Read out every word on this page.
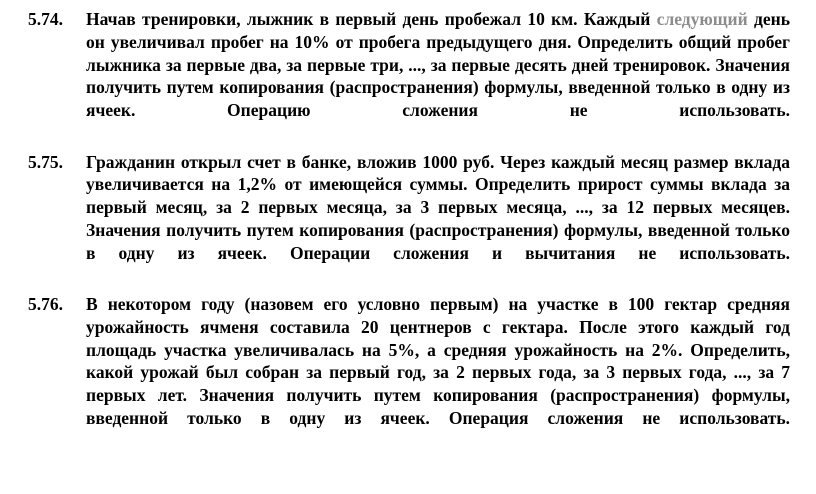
5.74.	Начав тренировки, лыжник в первый день пробежал 10 км. Каждый следующий день он увеличивал пробег на 10% от пробега предыдущего дня. Определить общий пробег лыжника за первые два, за первые три, ..., за первые десять дней тренировок. Значения получить путем копирования (распространения) формулы, введенной только в одну из ячеек. Операцию сложения не использовать.
5.75.	Гражданин открыл счет в банке, вложив 1000 руб. Через каждый месяц размер вклада увеличивается на 1,2% от имеющейся суммы. Определить прирост суммы вклада за первый месяц, за 2 первых месяца, за 3 первых месяца, ..., за 12 первых месяцев. Значения получить путем копирования (распространения) формулы, введенной только в одну из ячеек. Операции сложения и вычитания не использовать.
5.76.	В некотором году (назовем его условно первым) на участке в 100 гектар средняя урожайность ячменя составила 20 центнеров с гектара. После этого каждый год площадь участка увеличивалась на 5%, а средняя урожайность на 2%. Определить, какой урожай был собран за первый год, за 2 первых года, за 3 первых года, ..., за 7 первых лет. Значения получить путем копирования (распространения) формулы, введенной только в одну из ячеек. Операция сложения не использовать.
